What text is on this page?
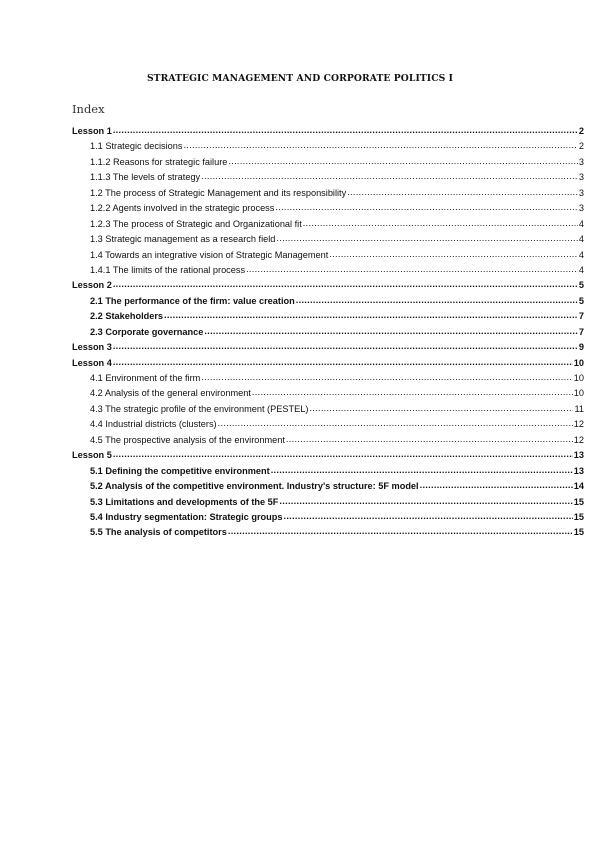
STRATEGIC MANAGEMENT AND CORPORATE POLITICS I
Index
Lesson 1 .....	2
1.1 Strategic decisions .....	2
1.1.2 Reasons for strategic failure .....	3
1.1.3 The levels of strategy .....	3
1.2 The process of Strategic Management and its responsibility .....	3
1.2.2 Agents involved in the strategic process .....	3
1.2.3 The process of Strategic and Organizational fit .....	4
1.3 Strategic management as a research field .....	4
1.4 Towards an integrative vision of Strategic Management .....	4
1.4.1 The limits of the rational process .....	4
Lesson 2 .....	5
2.1 The performance of the firm: value creation .....	5
2.2 Stakeholders .....	7
2.3 Corporate governance .....	7
Lesson 3 .....	9
Lesson 4 .....	10
4.1 Environment of the firm .....	10
4.2 Analysis of the general environment .....	10
4.3 The strategic profile of the environment (PESTEL) .....	11
4.4 Industrial districts (clusters) .....	12
4.5 The prospective analysis of the environment .....	12
Lesson 5 .....	13
5.1 Defining the competitive environment .....	13
5.2 Analysis of the competitive environment. Industry's structure: 5F model .....	14
5.3 Limitations and developments of the 5F .....	15
5.4 Industry segmentation: Strategic groups .....	15
5.5 The analysis of competitors .....	15
